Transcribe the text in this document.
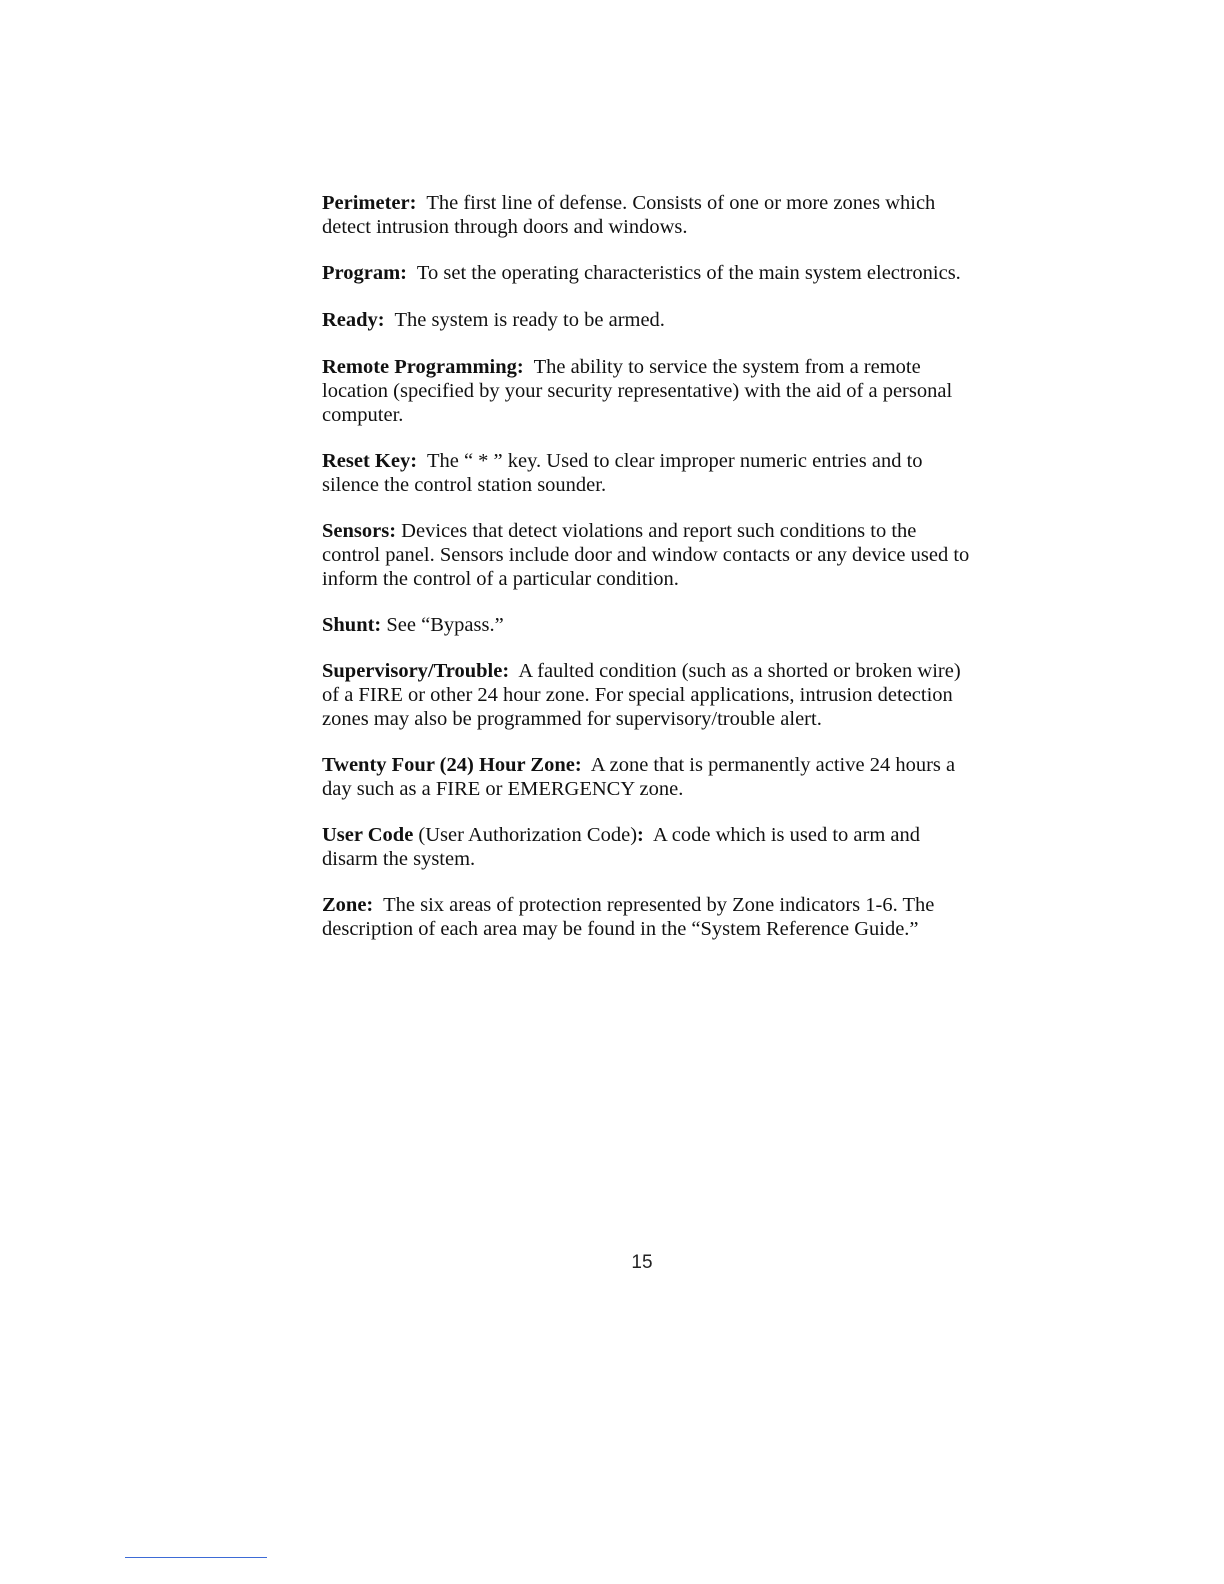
Perimeter: The first line of defense. Consists of one or more zones which detect intrusion through doors and windows.

Program: To set the operating characteristics of the main system electronics.

Ready: The system is ready to be armed.

Remote Programming: The ability to service the system from a remote location (specified by your security representative) with the aid of a personal computer.

Reset Key: The “ * ” key. Used to clear improper numeric entries and to silence the control station sounder.

Sensors: Devices that detect violations and report such conditions to the control panel. Sensors include door and window contacts or any device used to inform the control of a particular condition.

Shunt: See “Bypass.”

Supervisory/Trouble: A faulted condition (such as a shorted or broken wire) of a FIRE or other 24 hour zone. For special applications, intrusion detection zones may also be programmed for supervisory/trouble alert.

Twenty Four (24) Hour Zone: A zone that is permanently active 24 hours a day such as a FIRE or EMERGENCY zone.

User Code (User Authorization Code): A code which is used to arm and disarm the system.

Zone: The six areas of protection represented by Zone indicators 1-6. The description of each area may be found in the “System Reference Guide.”

15
